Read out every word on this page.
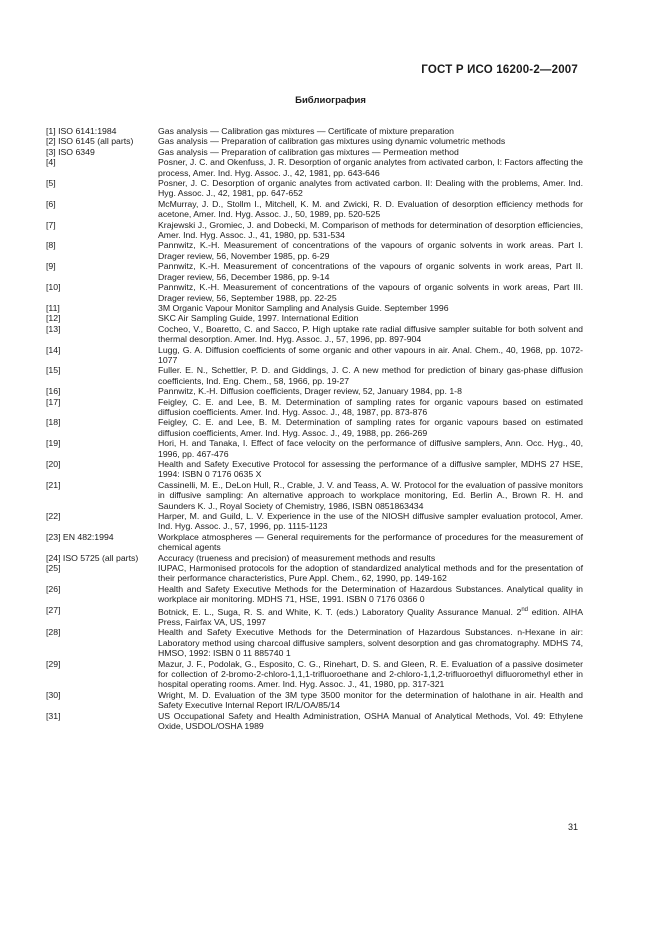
ГОСТ Р ИСО 16200-2—2007
Библиография
[1] ISO 6141:1984	Gas analysis — Calibration gas mixtures — Certificate of mixture preparation
[2] ISO 6145 (all parts)	Gas analysis — Preparation of calibration gas mixtures using dynamic volumetric methods
[3] ISO 6349	Gas analysis — Preparation of calibration gas mixtures — Permeation method
[4]	Posner, J. C. and Okenfuss, J. R. Desorption of organic analytes from activated carbon, I: Factors affecting the process, Amer. Ind. Hyg. Assoc. J., 42, 1981, pp. 643-646
[5]	Posner, J. C. Desorption of organic analytes from activated carbon. II: Dealing with the problems, Amer. Ind. Hyg. Assoc. J., 42, 1981, pp. 647-652
[6]	McMurray, J. D., Stollm I., Mitchell, K. M. and Zwicki, R. D. Evaluation of desorption efficiency methods for acetone, Amer. Ind. Hyg. Assoc. J., 50, 1989, pp. 520-525
[7]	Krajewski J., Gromiec, J. and Dobecki, M. Comparison of methods for determination of desorption efficiencies, Amer. Ind. Hyg. Assoc. J., 41, 1980, pp. 531-534
[8]	Pannwitz, K.-H. Measurement of concentrations of the vapours of organic solvents in work areas. Part I. Drager review, 56, November 1985, pp. 6-29
[9]	Pannwitz, K.-H. Measurement of concentrations of the vapours of organic solvents in work areas, Part II. Drager review, 56, December 1986, pp. 9-14
[10]	Pannwitz, K.-H. Measurement of concentrations of the vapours of organic solvents in work areas, Part III. Drager review, 56, September 1988, pp. 22-25
[11]	3M Organic Vapour Monitor Sampling and Analysis Guide. September 1996
[12]	SKC Air Sampling Guide, 1997. International Edition
[13]	Cocheo, V., Boaretto, C. and Sacco, P. High uptake rate radial diffusive sampler suitable for both solvent and thermal desorption. Amer. Ind. Hyg. Assoc. J., 57, 1996, pp. 897-904
[14]	Lugg, G. A. Diffusion coefficients of some organic and other vapours in air. Anal. Chem., 40, 1968, pp. 1072-1077
[15]	Fuller. E. N., Schettler, P. D. and Giddings, J. C. A new method for prediction of binary gas-phase diffusion coefficients, Ind. Eng. Chem., 58, 1966, pp. 19-27
[16]	Pannwitz, K.-H. Diffusion coefficients, Drager review, 52, January 1984, pp. 1-8
[17]	Feigley, C. E. and Lee, B. M. Determination of sampling rates for organic vapours based on estimated diffusion coefficients. Amer. Ind. Hyg. Assoc. J., 48, 1987, pp. 873-876
[18]	Feigley, C. E. and Lee, B. M. Determination of sampling rates for organic vapours based on estimated diffusion coefficients, Amer. Ind. Hyg. Assoc. J., 49, 1988, pp. 266-269
[19]	Hori, H. and Tanaka, I. Effect of face velocity on the performance of diffusive samplers, Ann. Occ. Hyg., 40, 1996, pp. 467-476
[20]	Health and Safety Executive Protocol for assessing the performance of a diffusive sampler, MDHS 27 HSE, 1994: ISBN 0 7176 0635 X
[21]	Cassinelli, M. E., DeLon Hull, R., Crable, J. V. and Teass, A. W. Protocol for the evaluation of passive monitors in diffusive sampling: An alternative approach to workplace monitoring, Ed. Berlin A., Brown R. H. and Saunders K. J., Royal Society of Chemistry, 1986, ISBN 0851863434
[22]	Harper, M. and Guild, L. V. Experience in the use of the NIOSH diffusive sampler evaluation protocol, Amer. Ind. Hyg. Assoc. J., 57, 1996, pp. 1115-1123
[23] EN 482:1994	Workplace atmospheres — General requirements for the performance of procedures for the measurement of chemical agents
[24] ISO 5725 (all parts)	Accuracy (trueness and precision) of measurement methods and results
[25]	IUPAC, Harmonised protocols for the adoption of standardized analytical methods and for the presentation of their performance characteristics, Pure Appl. Chem., 62, 1990, pp. 149-162
[26]	Health and Safety Executive Methods for the Determination of Hazardous Substances. Analytical quality in workplace air monitoring. MDHS 71, HSE, 1991. ISBN 0 7176 0366 0
[27]	Botnick, E. L., Suga, R. S. and White, K. T. (eds.) Laboratory Quality Assurance Manual. 2nd edition. AIHA Press, Fairfax VA, US, 1997
[28]	Health and Safety Executive Methods for the Determination of Hazardous Substances. n-Hexane in air: Laboratory method using charcoal diffusive samplers, solvent desorption and gas chromatography. MDHS 74, HMSO, 1992: ISBN 0 11 885740 1
[29]	Mazur, J. F., Podolak, G., Esposito, C. G., Rinehart, D. S. and Gleen, R. E. Evaluation of a passive dosimeter for collection of 2-bromo-2-chloro-1,1,1-trifluoroethane and 2-chloro-1,1,2-trifluoroethyl difluoromethyl ether in hospital operating rooms. Amer. Ind. Hyg. Assoc. J., 41, 1980, pp. 317-321
[30]	Wright, M. D. Evaluation of the 3M type 3500 monitor for the determination of halothane in air. Health and Safety Executive Internal Report IR/L/OA/85/14
[31]	US Occupational Safety and Health Administration, OSHA Manual of Analytical Methods, Vol. 49: Ethylene Oxide, USDOL/OSHA 1989
31
